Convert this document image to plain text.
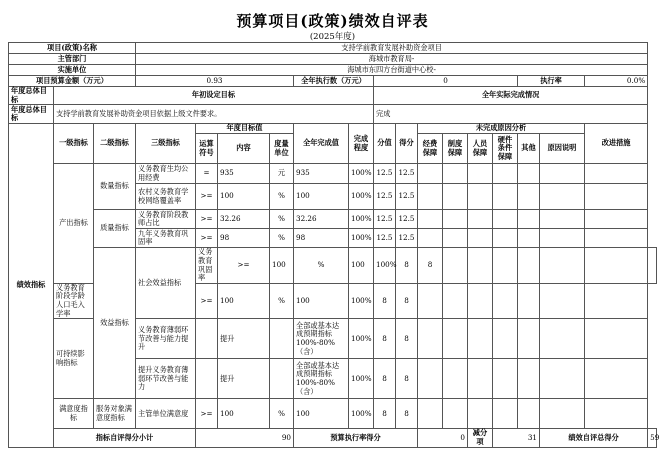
预算项目(政策)绩效自评表
(2025年度)
项目(政策)名称			支持学前教育发展补助资金项目															
主管部门			海城市教育局-															
实施单位			海城市东四方台街道中心校-															
项目预算金额（万元）			0.93				全年执行数（万元）		0						执行率		0.0%	
年度总体目标	年初设定目标								全年实际完成情况									
年度总体目标	支持学前教育发展补助资金项目依据上级文件要求。								完成									
绩效指标	一级指标	二级指标	三级指标	年度目标值			全年完成值	完成程度	分值	得分	未完成原因分析						改进措施	
				运算符号	内容	度量单位					经费保障	制度保障	人员保障	硬件条件保障	其他	原因说明		
	产出指标	数量指标	义务教育生均公用经费	=	935	元	935	100%	12.5	12.5								

			农村义务教育学校网络覆盖率	>=	100	%	100	100%	12.5	12.5								
		质量指标	义务教育阶段教师占比	>=	32.26	%	32.26	100%	12.5	12.5								
			九年义务教育巩固率	>=	98	%	98	100%	12.5	12.5								
		效益指标	社会效益指标	义务教育巩固率	>=	100	%	100	100%	8	8							
	义务教育阶段学龄人口毛入学率			>=	100	%	100	100%	8	8								
	可持续影响指标		义务教育薄弱环节改善与能力提升		提升		全部或基本达成预期指标100%-80%（含）	100%	8	8								

			提升义务教育薄弱环节改善与能力		提升		全部或基本达成预期指标100%-80%（含）	100%	8	8								

	满意度指标	服务对象满意度指标	主管单位满意度	>=	100	%	100	100%	8	8								
	指标自评得分小计			90			预算执行率得分				0		减分项	31		绩效自评总得分		59
